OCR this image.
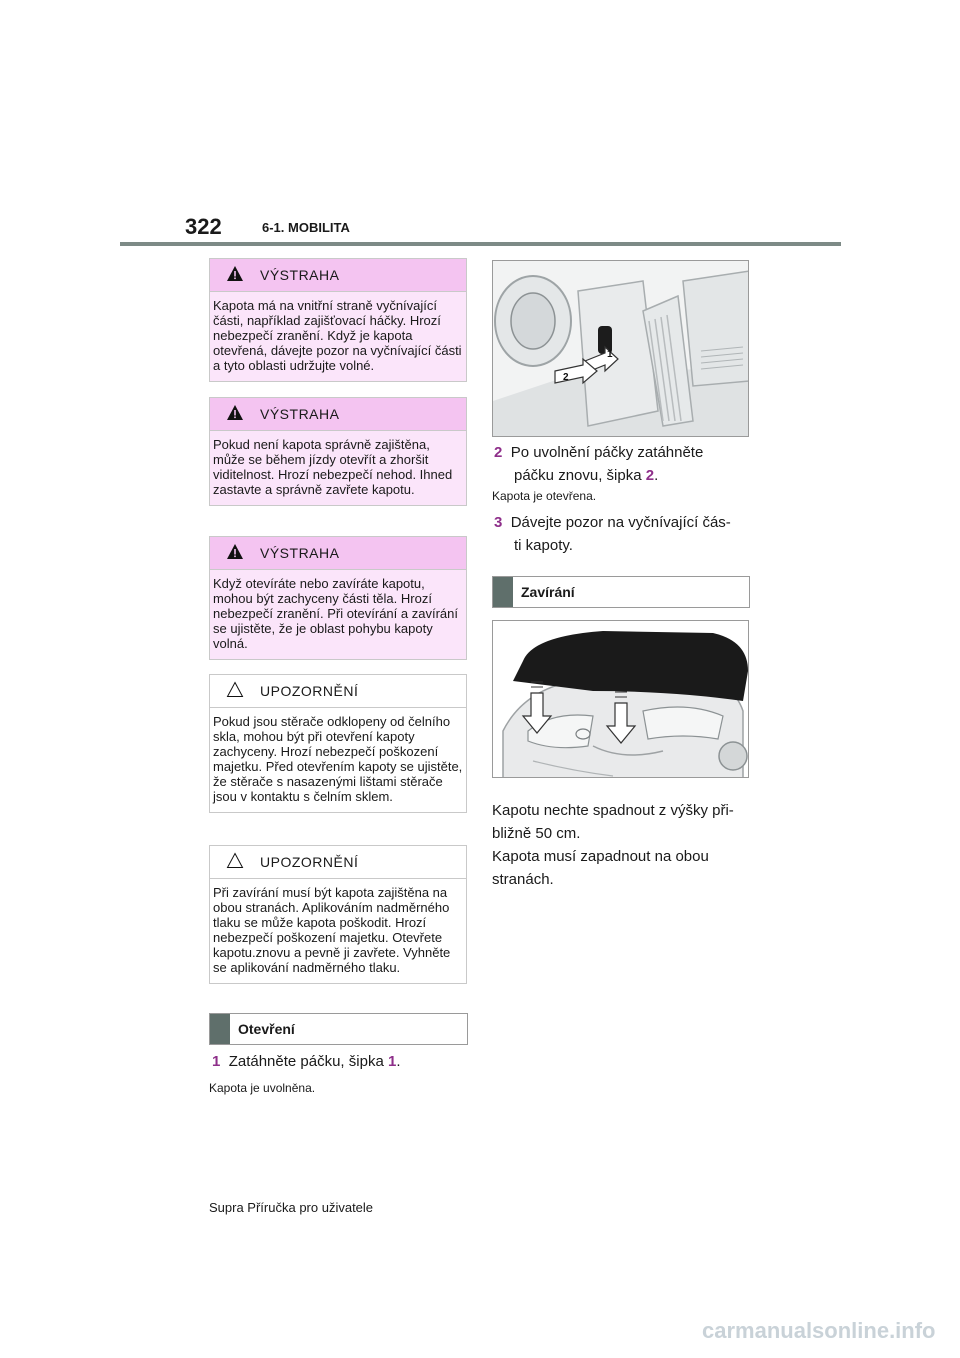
322	6-1. MOBILITA
VÝSTRAHA
Kapota má na vnitřní straně vyčnívající části, například zajišťovací háčky. Hrozí nebezpečí zranění. Když je kapota otevřená, dávejte pozor na vyčnívající části a tyto oblasti udržujte volné.
VÝSTRAHA
Pokud není kapota správně zajištěna, může se během jízdy otevřít a zhoršit viditelnost. Hrozí nebezpečí nehod. Ihned zastavte a správně zavřete kapotu.
VÝSTRAHA
Když otevíráte nebo zavíráte kapotu, mohou být zachyceny části těla. Hrozí nebezpečí zranění. Při otevírání a zavírání se ujistěte, že je oblast pohybu kapoty volná.
UPOZORNĚNÍ
Pokud jsou stěrače odklopeny od čelního skla, mohou být při otevření kapoty zachyceny. Hrozí nebezpečí poškození majetku. Před otevřením kapoty se ujistěte, že stěrače s nasazenými lištami stěrače jsou v kontaktu s čelním sklem.
UPOZORNĚNÍ
Při zavírání musí být kapota zajištěna na obou stranách. Aplikováním nadměrného tlaku se může kapota poškodit. Hrozí nebezpečí poškození majetku. Otevřete kapotu.znovu a pevně ji zavřete. Vyhněte se aplikování nadměrného tlaku.
Otevření
1 Zatáhněte páčku, šipka 1.
Kapota je uvolněna.
1
2
2 Po uvolnění páčky zatáhněte
páčku znovu, šipka 2.
Kapota je otevřena.
3 Dávejte pozor na vyčnívající čás-
ti kapoty.
Zavírání
Kapotu nechte spadnout z výšky při-bližně 50 cm.
Kapota musí zapadnout na obou stranách.
Supra Příručka pro uživatele
carmanualsonline.info
